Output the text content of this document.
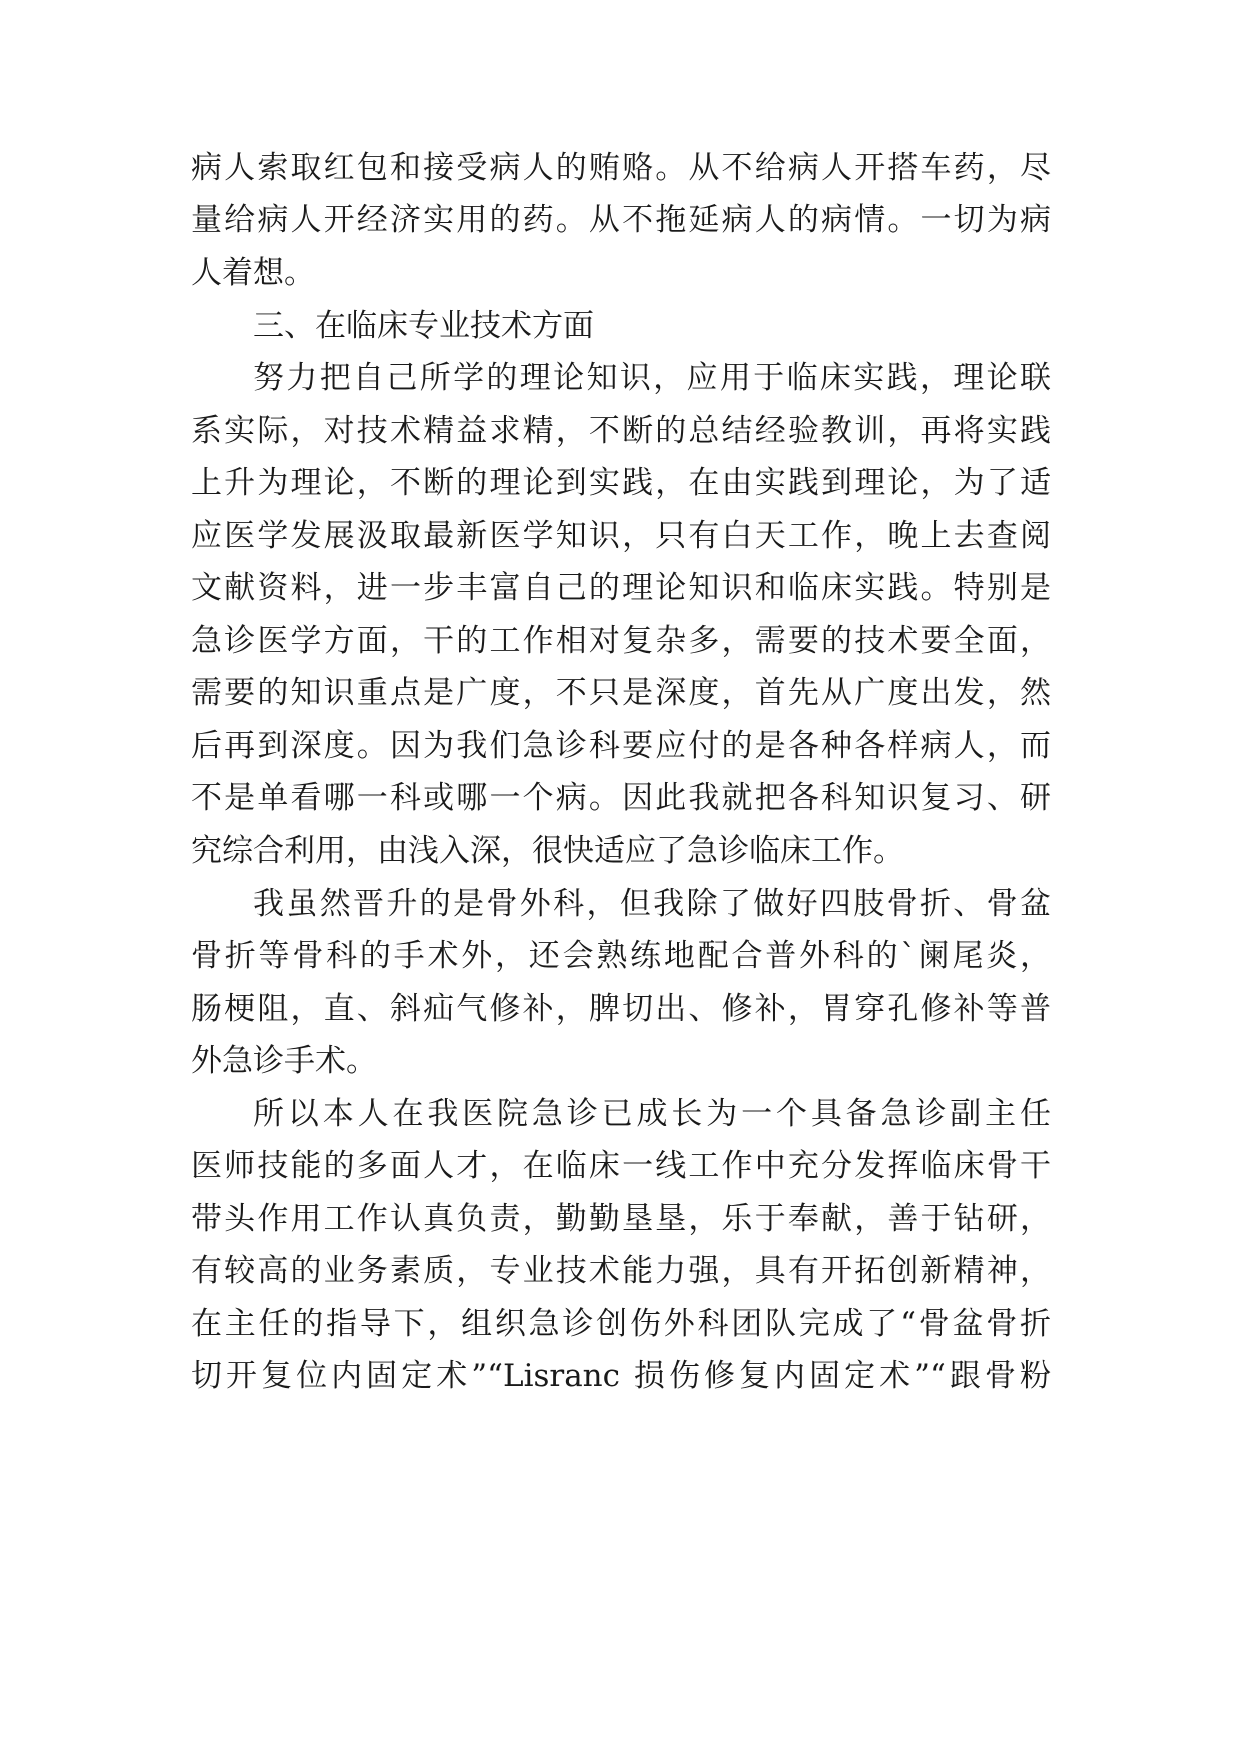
病人索取红包和接受病人的贿赂。从不给病人开搭车药，尽
量给病人开经济实用的药。从不拖延病人的病情。一切为病
人着想。
三、在临床专业技术方面
努力把自己所学的理论知识，应用于临床实践，理论联
系实际，对技术精益求精，不断的总结经验教训，再将实践
上升为理论，不断的理论到实践，在由实践到理论，为了适
应医学发展汲取最新医学知识，只有白天工作，晚上去查阅
文献资料，进一步丰富自己的理论知识和临床实践。特别是
急诊医学方面，干的工作相对复杂多，需要的技术要全面，
需要的知识重点是广度，不只是深度，首先从广度出发，然
后再到深度。因为我们急诊科要应付的是各种各样病人，而
不是单看哪一科或哪一个病。因此我就把各科知识复习、研
究综合利用，由浅入深，很快适应了急诊临床工作。
我虽然晋升的是骨外科，但我除了做好四肢骨折、骨盆
骨折等骨科的手术外，还会熟练地配合普外科的`阑尾炎，
肠梗阻，直、斜疝气修补，脾切出、修补，胃穿孔修补等普
外急诊手术。
所以本人在我医院急诊已成长为一个具备急诊副主任
医师技能的多面人才，在临床一线工作中充分发挥临床骨干
带头作用工作认真负责，勤勤垦垦，乐于奉献，善于钻研，
有较高的业务素质，专业技术能力强，具有开拓创新精神，
在主任的指导下，组织急诊创伤外科团队完成了“骨盆骨折
切开复位内固定术”“Lisranc 损伤修复内固定术”“跟骨粉
